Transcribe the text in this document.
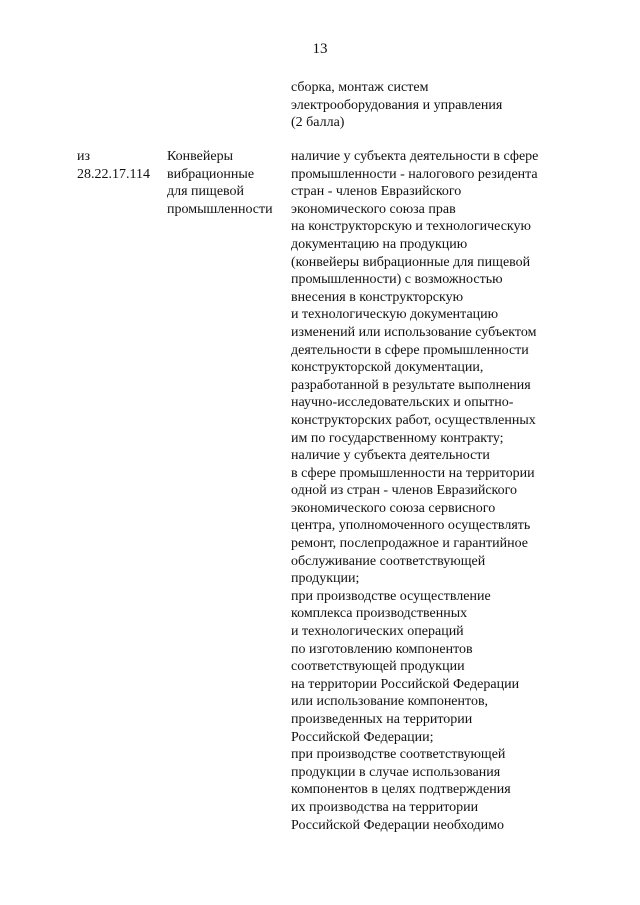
13
сборка, монтаж систем
электрооборудования и управления
(2 балла)
из
28.22.17.114
Конвейеры
вибрационные
для пищевой
промышленности
наличие у субъекта деятельности в сфере
промышленности - налогового резидента
стран - членов Евразийского
экономического союза прав
на конструкторскую и технологическую
документацию на продукцию
(конвейеры вибрационные для пищевой
промышленности) с возможностью
внесения в конструкторскую
и технологическую документацию
изменений или использование субъектом
деятельности в сфере промышленности
конструкторской документации,
разработанной в результате выполнения
научно-исследовательских и опытно-
конструкторских работ, осуществленных
им по государственному контракту;
наличие у субъекта деятельности
в сфере промышленности на территории
одной из стран - членов Евразийского
экономического союза сервисного
центра, уполномоченного осуществлять
ремонт, послепродажное и гарантийное
обслуживание соответствующей
продукции;
при производстве осуществление
комплекса производственных
и технологических операций
по изготовлению компонентов
соответствующей продукции
на территории Российской Федерации
или использование компонентов,
произведенных на территории
Российской Федерации;
при производстве соответствующей
продукции в случае использования
компонентов в целях подтверждения
их производства на территории
Российской Федерации необходимо
